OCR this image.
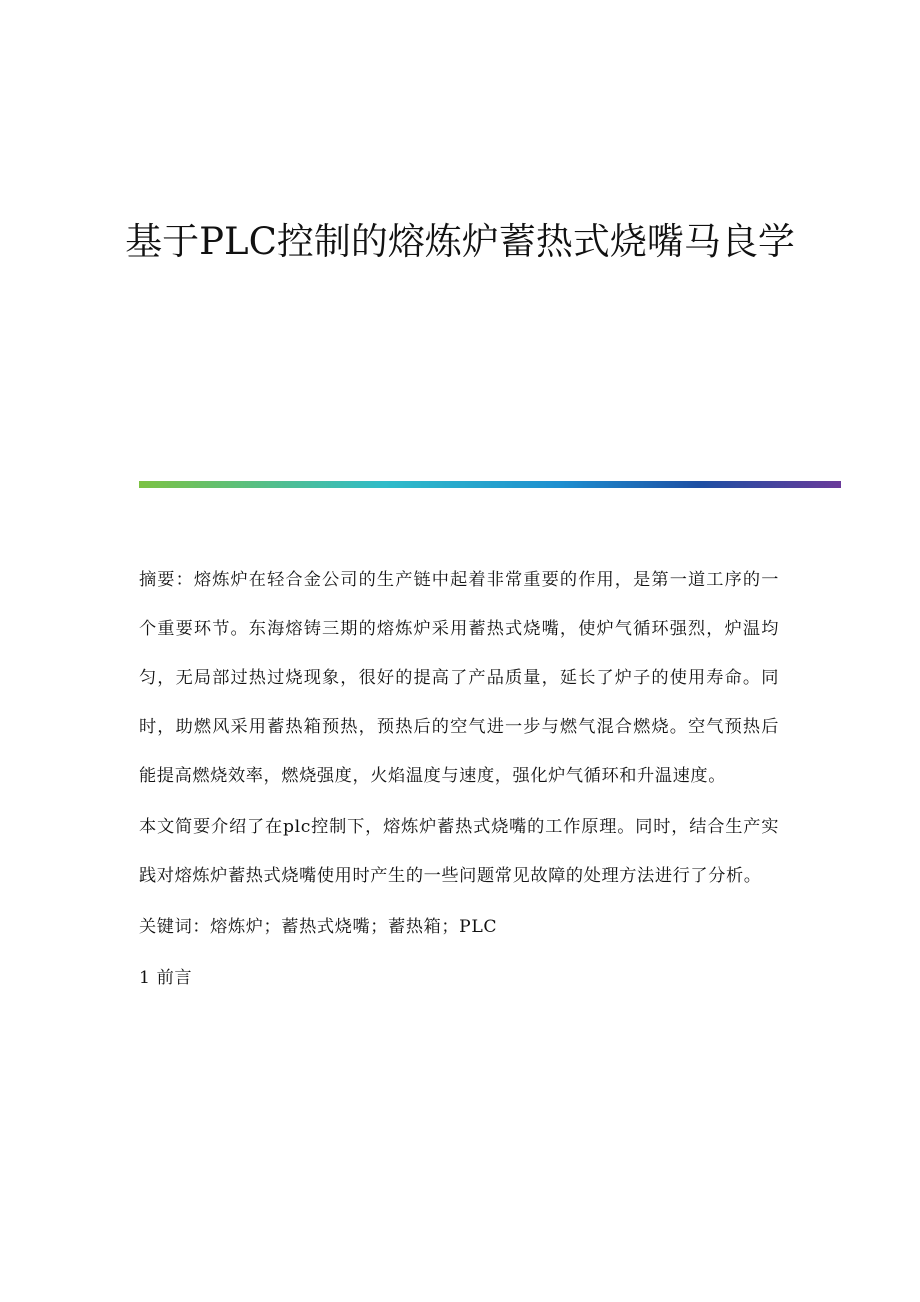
基于PLC控制的熔炼炉蓄热式烧嘴马良学

摘要：熔炼炉在轻合金公司的生产链中起着非常重要的作用，是第一道工序的一个重要环节。东海熔铸三期的熔炼炉采用蓄热式烧嘴，使炉气循环强烈，炉温均匀，无局部过热过烧现象，很好的提高了产品质量，延长了炉子的使用寿命。同时，助燃风采用蓄热箱预热，预热后的空气进一步与燃气混合燃烧。空气预热后能提高燃烧效率，燃烧强度，火焰温度与速度，强化炉气循环和升温速度。

本文简要介绍了在plc控制下，熔炼炉蓄热式烧嘴的工作原理。同时，结合生产实践对熔炼炉蓄热式烧嘴使用时产生的一些问题常见故障的处理方法进行了分析。

关键词：熔炼炉；蓄热式烧嘴；蓄热箱；PLC

1 前言
